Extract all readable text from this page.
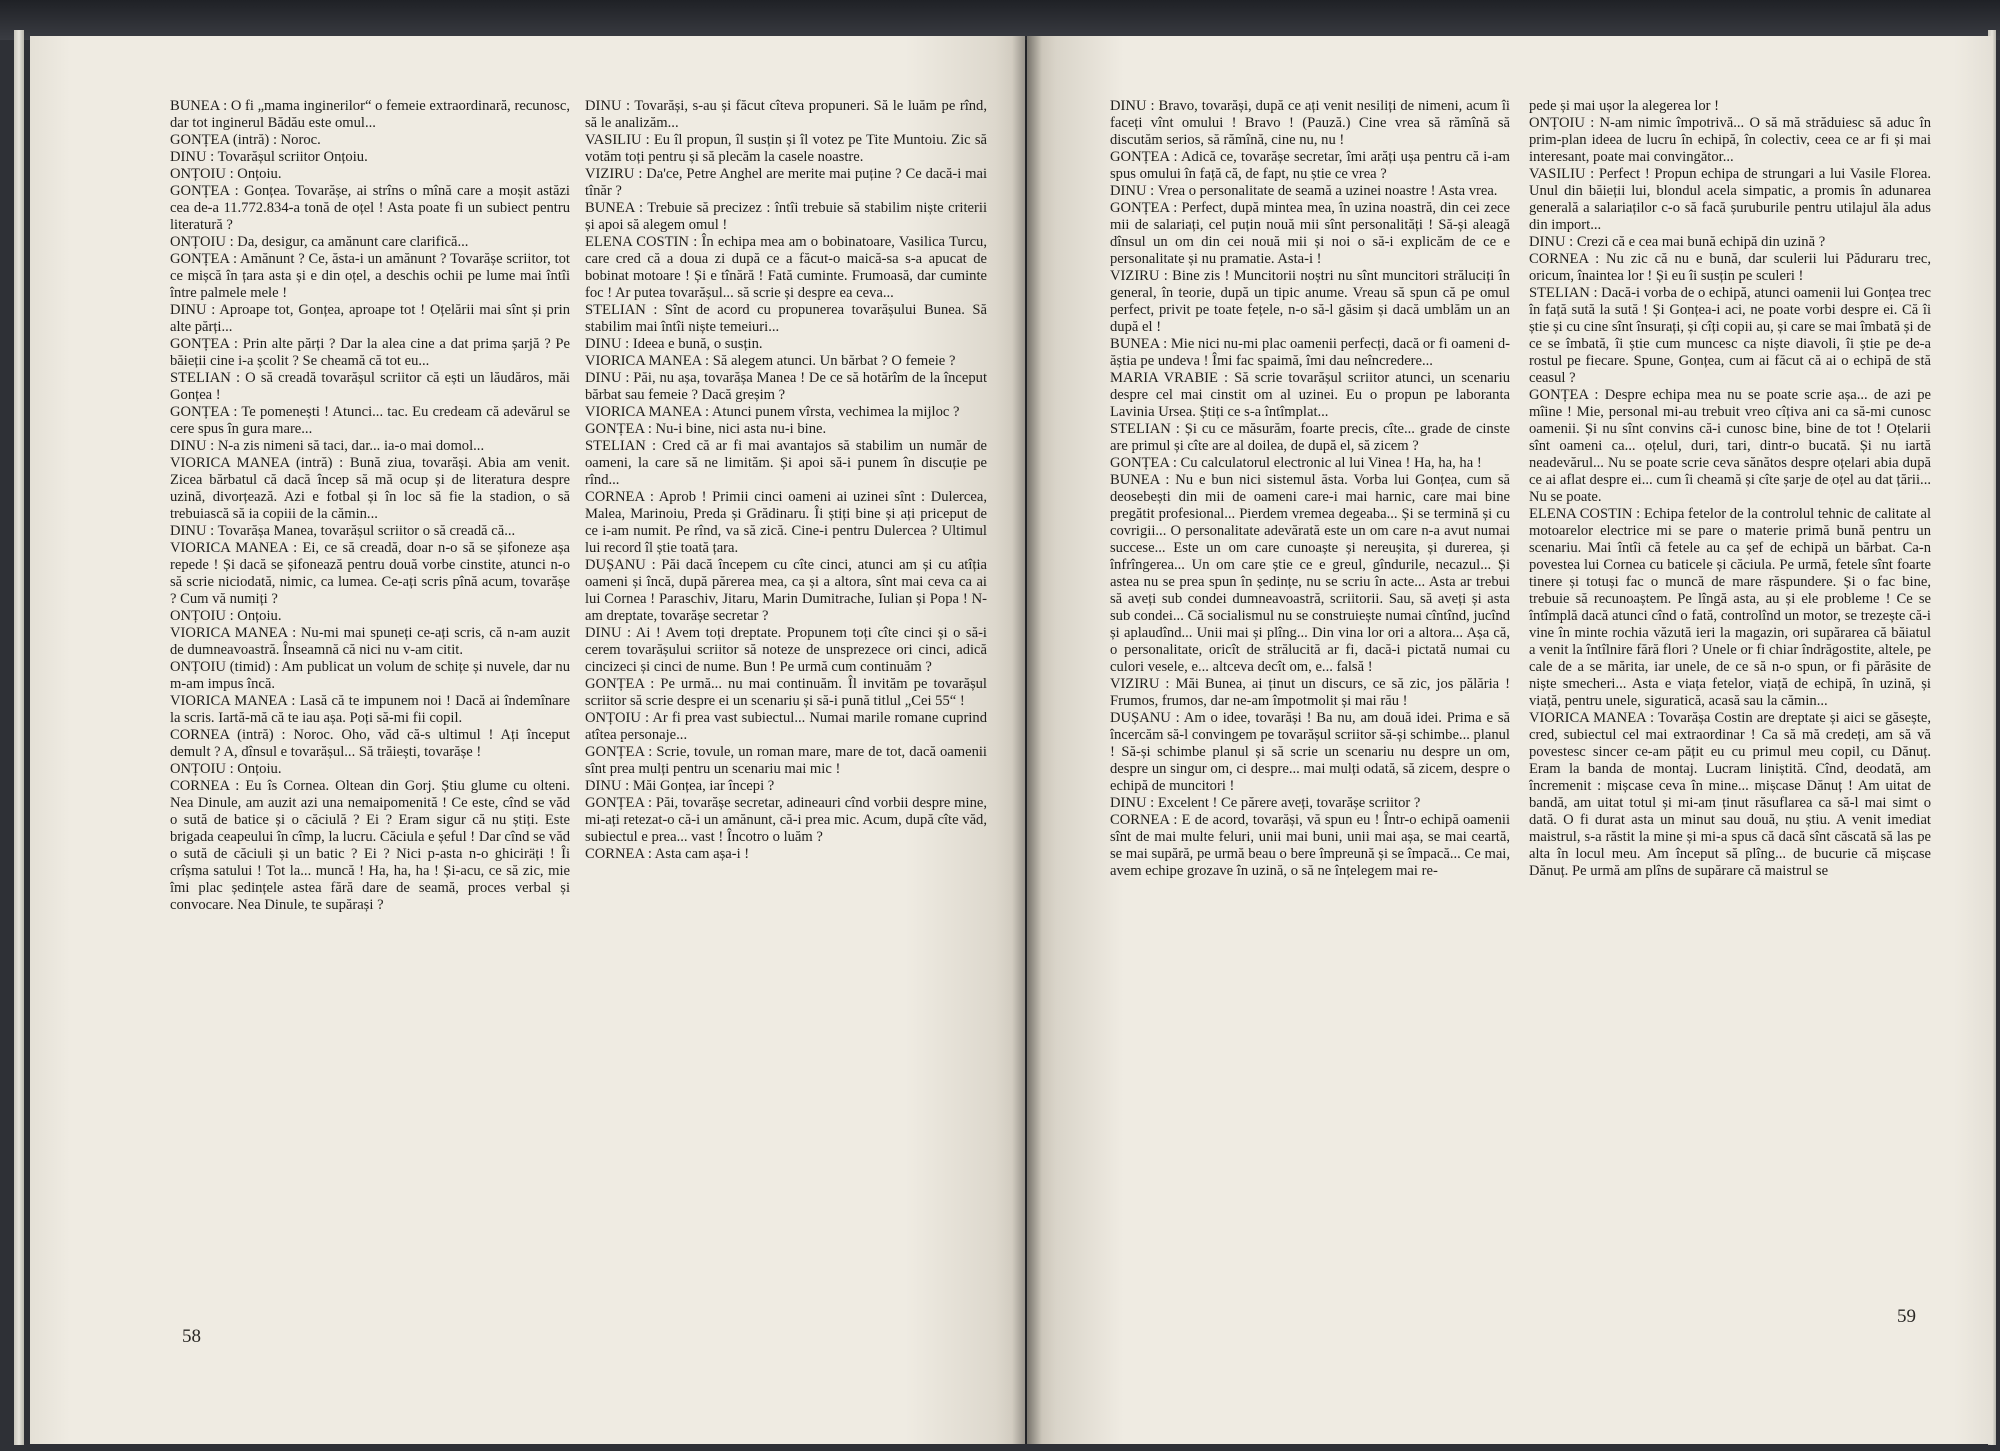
BUNEA : O fi „mama inginerilor“ o femeie extraordinară, recunosc, dar tot inginerul Bădău este omul...

GONȚEA (intră) : Noroc.

DINU : Tovarășul scriitor Onțoiu.

ONȚOIU : Onțoiu.

GONȚEA : Gonțea. Tovarășe, ai strîns o mînă care a moșit astăzi cea de-a 11.772.834-a tonă de oțel ! Asta poate fi un subiect pentru literatură ?

ONȚOIU : Da, desigur, ca amănunt care clarifică...

GONȚEA : Amănunt ? Ce, ăsta-i un amănunt ? Tovarășe scriitor, tot ce mișcă în țara asta și e din oțel, a deschis ochii pe lume mai întîi între palmele mele !

DINU : Aproape tot, Gonțea, aproape tot ! Oțelării mai sînt și prin alte părți...

GONȚEA : Prin alte părți ? Dar la alea cine a dat prima șarjă ? Pe băieții cine i-a școlit ? Se cheamă că tot eu...

STELIAN : O să creadă tovarășul scriitor că ești un lăudăros, măi Gonțea !

GONȚEA : Te pomenești ! Atunci... tac. Eu credeam că adevărul se cere spus în gura mare...

DINU : N-a zis nimeni să taci, dar... ia-o mai domol...

VIORICA MANEA (intră) : Bună ziua, tovarăși. Abia am venit. Zicea bărbatul că dacă încep să mă ocup și de literatura despre uzină, divorțează. Azi e fotbal și în loc să fie la stadion, o să trebuiască să ia copiii de la cămin...

DINU : Tovarășa Manea, tovarășul scriitor o să creadă că...

VIORICA MANEA : Ei, ce să creadă, doar n-o să se șifoneze așa repede ! Și dacă se șifonează pentru două vorbe cinstite, atunci n-o să scrie niciodată, nimic, ca lumea. Ce-ați scris pînă acum, tovarășe ? Cum vă numiți ?

ONȚOIU : Onțoiu.

VIORICA MANEA : Nu-mi mai spuneți ce-ați scris, că n-am auzit de dumneavoastră. Înseamnă că nici nu v-am citit.

ONȚOIU (timid) : Am publicat un volum de schițe și nuvele, dar nu m-am impus încă.

VIORICA MANEA : Lasă că te impunem noi ! Dacă ai îndemînare la scris. Iartă-mă că te iau așa. Poți să-mi fii copil.

CORNEA (intră) : Noroc. Oho, văd că-s ultimul ! Ați început demult ? A, dînsul e tovarășul... Să trăiești, tovarășe !

ONȚOIU : Onțoiu.

CORNEA : Eu îs Cornea. Oltean din Gorj. Știu glume cu olteni. Nea Dinule, am auzit azi una nemaipomenită ! Ce este, cînd se văd o sută de batice și o căciulă ? Ei ? Eram sigur că nu știți. Este brigada ceapeului în cîmp, la lucru. Căciula e șeful ! Dar cînd se văd o sută de căciuli și un batic ? Ei ? Nici p-asta n-o ghiciräți ! Îi crîșma satului ! Tot la... muncă ! Ha, ha, ha ! Și-acu, ce să zic, mie îmi plac ședințele astea fără dare de seamă, proces verbal și convocare. Nea Dinule, te supărași ?

DINU : Tovarăși, s-au și făcut cîteva propuneri. Să le luăm pe rînd, să le analizăm...

VASILIU : Eu îl propun, îl susțin și îl votez pe Tite Muntoiu. Zic să votăm toți pentru și să plecăm la casele noastre.

VIZIRU : Da'ce, Petre Anghel are merite mai puține ? Ce dacă-i mai tînăr ?

BUNEA : Trebuie să precizez : întîi trebuie să stabilim niște criterii și apoi să alegem omul !

ELENA COSTIN : În echipa mea am o bobinatoare, Vasilica Turcu, care cred că a doua zi după ce a făcut-o maică-sa s-a apucat de bobinat motoare ! Și e tînără ! Fată cuminte. Frumoasă, dar cuminte foc ! Ar putea tovarășul... să scrie și despre ea ceva...

STELIAN : Sînt de acord cu propunerea tovarășului Bunea. Să stabilim mai întîi niște temeiuri...

DINU : Ideea e bună, o susțin.

VIORICA MANEA : Să alegem atunci. Un bărbat ? O femeie ?

DINU : Păi, nu așa, tovarășa Manea ! De ce să hotărîm de la început bărbat sau femeie ? Dacă greșim ?

VIORICA MANEA : Atunci punem vîrsta, vechimea la mijloc ?

GONȚEA : Nu-i bine, nici asta nu-i bine.

STELIAN : Cred că ar fi mai avantajos să stabilim un număr de oameni, la care să ne limităm. Și apoi să-i punem în discuție pe rînd...

CORNEA : Aprob ! Primii cinci oameni ai uzinei sînt : Dulercea, Malea, Marinoiu, Preda și Grădinaru. Îi știți bine și ați priceput de ce i-am numit. Pe rînd, va să zică. Cine-i pentru Dulercea ? Ultimul lui record îl știe toată țara.

DUȘANU : Păi dacă începem cu cîte cinci, atunci am și cu atîția oameni și încă, după părerea mea, ca și a altora, sînt mai ceva ca ai lui Cornea ! Paraschiv, Jitaru, Marin Dumitrache, Iulian și Popa ! N-am dreptate, tovarășe secretar ?

DINU : Ai ! Avem toți dreptate. Propunem toți cîte cinci și o să-i cerem tovarășului scriitor să noteze de unsprezece ori cinci, adică cincizeci și cinci de nume. Bun ! Pe urmă cum continuăm ?

GONȚEA : Pe urmă... nu mai continuăm. Îl invităm pe tovarășul scriitor să scrie despre ei un scenariu și să-i pună titlul „Cei 55“ !

ONȚOIU : Ar fi prea vast subiectul... Numai marile romane cuprind atîtea personaje...

GONȚEA : Scrie, tovule, un roman mare, mare de tot, dacă oamenii sînt prea mulți pentru un scenariu mai mic !

DINU : Măi Gonțea, iar începi ?

GONȚEA : Păi, tovarășe secretar, adineauri cînd vorbii despre mine, mi-ați retezat-o că-i un amănunt, că-i prea mic. Acum, după cîte văd, subiectul e prea... vast ! Încotro o luăm ?

CORNEA : Asta cam așa-i !

58

DINU : Bravo, tovarăși, după ce ați venit nesiliți de nimeni, acum îi faceți vînt omului ! Bravo ! (Pauză.) Cine vrea să rămînă să discutăm serios, să rămînă, cine nu, nu !

GONȚEA : Adică ce, tovarășe secretar, îmi arăți ușa pentru că i-am spus omului în față că, de fapt, nu știe ce vrea ?

DINU : Vrea o personalitate de seamă a uzinei noastre ! Asta vrea.

GONȚEA : Perfect, după mintea mea, în uzina noastră, din cei zece mii de salariați, cel puțin nouă mii sînt personalități ! Să-și aleagă dînsul un om din cei nouă mii și noi o să-i explicăm de ce e personalitate și nu pramatie. Asta-i !

VIZIRU : Bine zis ! Muncitorii noștri nu sînt muncitori străluciți în general, în teorie, după un tipic anume. Vreau să spun că pe omul perfect, privit pe toate fețele, n-o să-l găsim și dacă umblăm un an după el !

BUNEA : Mie nici nu-mi plac oamenii perfecți, dacă or fi oameni d-ăștia pe undeva ! Îmi fac spaimă, îmi dau neîncredere...

MARIA VRABIE : Să scrie tovarășul scriitor atunci, un scenariu despre cel mai cinstit om al uzinei. Eu o propun pe laboranta Lavinia Ursea. Știți ce s-a întîmplat...

STELIAN : Și cu ce măsurăm, foarte precis, cîte... grade de cinste are primul și cîte are al doilea, de după el, să zicem ?

GONȚEA : Cu calculatorul electronic al lui Vinea ! Ha, ha, ha !

BUNEA : Nu e bun nici sistemul ăsta. Vorba lui Gonțea, cum să deosebești din mii de oameni care-i mai harnic, care mai bine pregătit profesional... Pierdem vremea degeaba... Și se termină și cu covrigii... O personalitate adevărată este un om care n-a avut numai succese... Este un om care cunoaște și nereușita, și durerea, și înfrîngerea... Un om care știe ce e greul, gîndurile, necazul... Și astea nu se prea spun în ședințe, nu se scriu în acte... Asta ar trebui să aveți sub condei dumneavoastră, scriitorii. Sau, să aveți și asta sub condei... Că socialismul nu se construiește numai cîntînd, jucînd și aplaudînd... Unii mai și plîng... Din vina lor ori a altora... Așa că, o personalitate, oricît de strălucită ar fi, dacă-i pictată numai cu culori vesele, e... altceva decît om, e... falsă !

VIZIRU : Măi Bunea, ai ținut un discurs, ce să zic, jos pălăria ! Frumos, frumos, dar ne-am împotmolit și mai rău !

DUȘANU : Am o idee, tovarăși ! Ba nu, am două idei. Prima e să încercăm să-l convingem pe tovarășul scriitor să-și schimbe... planul ! Să-și schimbe planul și să scrie un scenariu nu despre un om, despre un singur om, ci despre... mai mulți odată, să zicem, despre o echipă de muncitori !

DINU : Excelent ! Ce părere aveți, tovarășe scriitor ?

CORNEA : E de acord, tovarăși, vă spun eu ! Într-o echipă oamenii sînt de mai multe feluri, unii mai buni, unii mai așa, se mai ceartă, se mai supără, pe urmă beau o bere împreună și se împacă... Ce mai, avem echipe grozave în uzină, o să ne înțelegem mai re-

pede și mai ușor la alegerea lor !

ONȚOIU : N-am nimic împotrivă... O să mă străduiesc să aduc în prim-plan ideea de lucru în echipă, în colectiv, ceea ce ar fi și mai interesant, poate mai convingător...

VASILIU : Perfect ! Propun echipa de strungari a lui Vasile Florea. Unul din băieții lui, blondul acela simpatic, a promis în adunarea generală a salariaților c-o să facă șuruburile pentru utilajul ăla adus din import...

DINU : Crezi că e cea mai bună echipă din uzină ?

CORNEA : Nu zic că nu e bună, dar sculerii lui Păduraru trec, oricum, înaintea lor ! Și eu îi susțin pe sculeri !

STELIAN : Dacă-i vorba de o echipă, atunci oamenii lui Gonțea trec în față sută la sută ! Și Gonțea-i aci, ne poate vorbi despre ei. Că îi știe și cu cine sînt însurați, și cîți copii au, și care se mai îmbată și de ce se îmbată, îi știe cum muncesc ca niște diavoli, îi știe pe de-a rostul pe fiecare. Spune, Gonțea, cum ai făcut că ai o echipă de stă ceasul ?

GONȚEA : Despre echipa mea nu se poate scrie așa... de azi pe mîine ! Mie, personal mi-au trebuit vreo cîțiva ani ca să-mi cunosc oamenii. Și nu sînt convins că-i cunosc bine, bine de tot ! Oțelarii sînt oameni ca... oțelul, duri, tari, dintr-o bucată. Și nu iartă neadevărul... Nu se poate scrie ceva sănătos despre oțelari abia după ce ai aflat despre ei... cum îi cheamă și cîte șarje de oțel au dat țării... Nu se poate.

ELENA COSTIN : Echipa fetelor de la controlul tehnic de calitate al motoarelor electrice mi se pare o materie primă bună pentru un scenariu. Mai întîi că fetele au ca șef de echipă un bărbat. Ca-n povestea lui Cornea cu baticele și căciula. Pe urmă, fetele sînt foarte tinere și totuși fac o muncă de mare răspundere. Și o fac bine, trebuie să recunoaștem. Pe lîngă asta, au și ele probleme ! Ce se întîmplă dacă atunci cînd o fată, controlînd un motor, se trezește că-i vine în minte rochia văzută ieri la magazin, ori supărarea că băiatul a venit la întîlnire fără flori ? Unele or fi chiar îndrăgostite, altele, pe cale de a se mărita, iar unele, de ce să n-o spun, or fi părăsite de niște smecheri... Asta e viața fetelor, viață de echipă, în uzină, și viață, pentru unele, siguratică, acasă sau la cămin...

VIORICA MANEA : Tovarășa Costin are dreptate și aici se găsește, cred, subiectul cel mai extraordinar ! Ca să mă credeți, am să vă povestesc sincer ce-am pățit eu cu primul meu copil, cu Dănuț. Eram la banda de montaj. Lucram liniștită. Cînd, deodată, am încremenit : mișcase ceva în mine... mișcase Dănuț ! Am uitat de bandă, am uitat totul și mi-am ținut răsuflarea ca să-l mai simt o dată. O fi durat asta un minut sau două, nu știu. A venit imediat maistrul, s-a răstit la mine și mi-a spus că dacă sînt căscată să las pe alta în locul meu. Am început să plîng... de bucurie că mișcase Dănuț. Pe urmă am plîns de supărare că maistrul se

59
